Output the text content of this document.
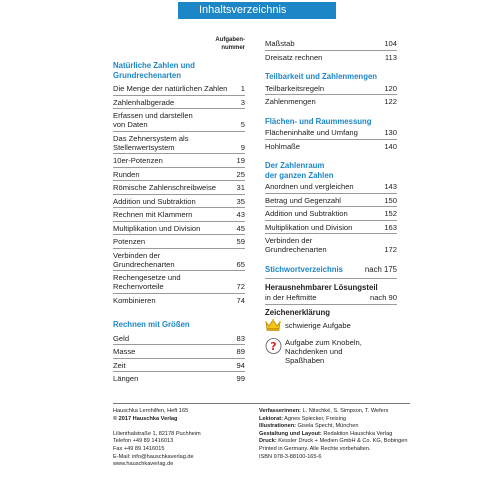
Inhaltsverzeichnis
Aufgaben-
nummer
Natürliche Zahlen und
Grundrechenarten
Die Menge der natürlichen Zahlen	1
Zahlenhalbgerade	3
Erfassen und darstellen
von Daten	5
Das Zehnersystem als
Stellenwertsystem	9
10er-Potenzen	19
Runden	25
Römische Zahlenschreibweise	31
Addition und Subtraktion	35
Rechnen mit Klammern	43
Multiplikation und Division	45
Potenzen	59
Verbinden der
Grundrechenarten	65
Rechengesetze und
Rechenvorteile	72
Kombinieren	74
Rechnen mit Größen
Geld	83
Masse	89
Zeit	94
Längen	99
Maßstab	104
Dreisatz rechnen	113
Teilbarkeit und Zahlenmengen
Teilbarkeitsregeln	120
Zahlenmengen	122
Flächen- und Raummessung
Flächeninhalte und Umfang	130
Hohlmaße	140
Der Zahlenraum
der ganzen Zahlen
Anordnen und vergleichen	143
Betrag und Gegenzahl	150
Addition und Subtraktion	152
Multiplikation und Division	163
Verbinden der
Grundrechenarten	172
Stichwortverzeichnis	nach 175
Herausnehmbarer Lösungsteil
in der Heftmitte	nach 90
Zeichenerklärung
schwierige Aufgabe
? Aufgabe zum Knobeln,
Nachdenken und
Spaßhaben
Hauschka Lernhilfen, Heft 165
© 2017 Hauschka Verlag

Lilienthalstraße 1, 82178 Puchheim
Telefon +49 89 1416013
Fax +49 89 1416015
E-Mail: info@hauschkaverlag.de
www.hauschkaverlag.de
Verfasserinnen: L. Nitschké, S. Simpson, T. Wefers
Lektorat: Agnes Spiecker, Freising
Illustrationen: Gisela Specht, München
Gestaltung und Layout: Redaktion Hauschka Verlag
Druck: Kessler Druck + Medien GmbH & Co. KG, Bobingen
Printed in Germany. Alle Rechte vorbehalten.
ISBN 978-3-88100-165-6
